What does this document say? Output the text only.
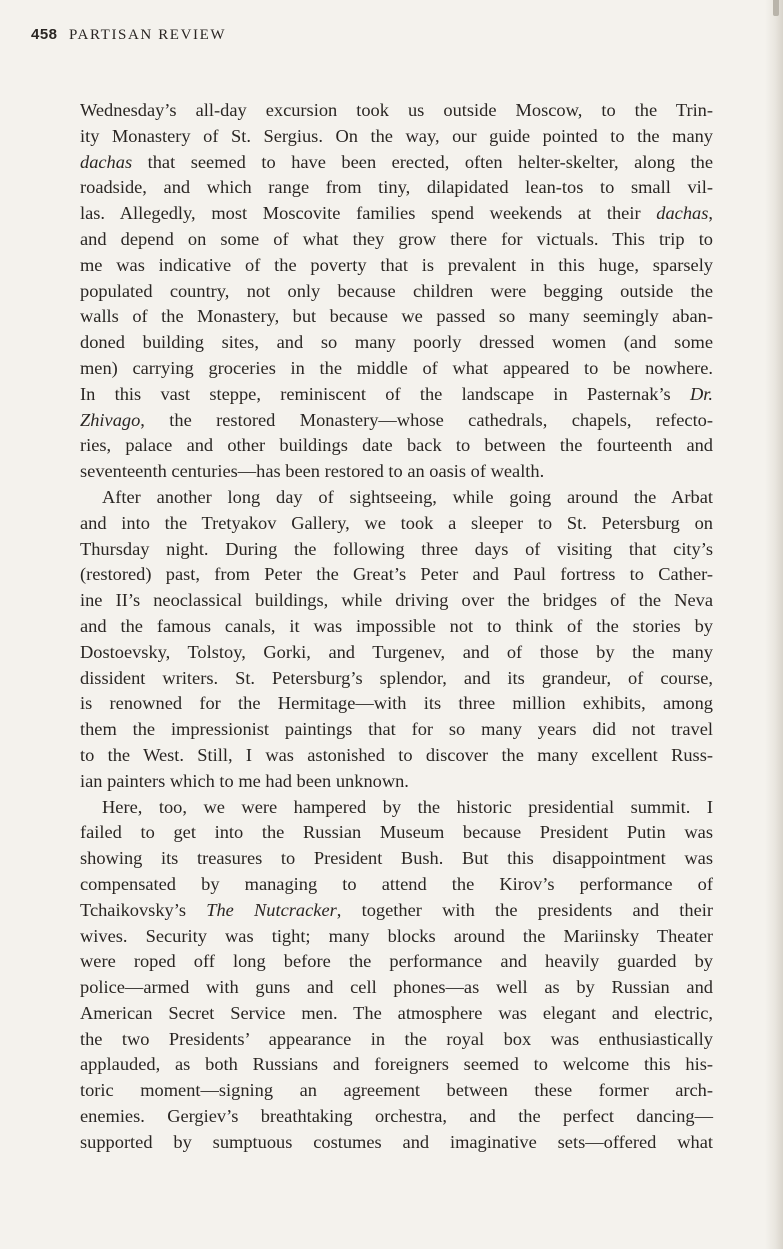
458 PARTISAN REVIEW
Wednesday’s all-day excursion took us outside Moscow, to the Trin-
ity Monastery of St. Sergius. On the way, our guide pointed to the many
dachas that seemed to have been erected, often helter-skelter, along the
roadside, and which range from tiny, dilapidated lean-tos to small vil-
las. Allegedly, most Moscovite families spend weekends at their dachas,
and depend on some of what they grow there for victuals. This trip to
me was indicative of the poverty that is prevalent in this huge, sparsely
populated country, not only because children were begging outside the
walls of the Monastery, but because we passed so many seemingly aban-
doned building sites, and so many poorly dressed women (and some
men) carrying groceries in the middle of what appeared to be nowhere.
In this vast steppe, reminiscent of the landscape in Pasternak’s Dr.
Zhivago, the restored Monastery—whose cathedrals, chapels, refecto-
ries, palace and other buildings date back to between the fourteenth and
seventeenth centuries—has been restored to an oasis of wealth.
After another long day of sightseeing, while going around the Arbat
and into the Tretyakov Gallery, we took a sleeper to St. Petersburg on
Thursday night. During the following three days of visiting that city’s
(restored) past, from Peter the Great’s Peter and Paul fortress to Cather-
ine II’s neoclassical buildings, while driving over the bridges of the Neva
and the famous canals, it was impossible not to think of the stories by
Dostoevsky, Tolstoy, Gorki, and Turgenev, and of those by the many
dissident writers. St. Petersburg’s splendor, and its grandeur, of course,
is renowned for the Hermitage—with its three million exhibits, among
them the impressionist paintings that for so many years did not travel
to the West. Still, I was astonished to discover the many excellent Russ-
ian painters which to me had been unknown.
Here, too, we were hampered by the historic presidential summit. I
failed to get into the Russian Museum because President Putin was
showing its treasures to President Bush. But this disappointment was
compensated by managing to attend the Kirov’s performance of
Tchaikovsky’s The Nutcracker, together with the presidents and their
wives. Security was tight; many blocks around the Mariinsky Theater
were roped off long before the performance and heavily guarded by
police—armed with guns and cell phones—as well as by Russian and
American Secret Service men. The atmosphere was elegant and electric,
the two Presidents’ appearance in the royal box was enthusiastically
applauded, as both Russians and foreigners seemed to welcome this his-
toric moment—signing an agreement between these former arch-
enemies. Gergiev’s breathtaking orchestra, and the perfect dancing—
supported by sumptuous costumes and imaginative sets—offered what
